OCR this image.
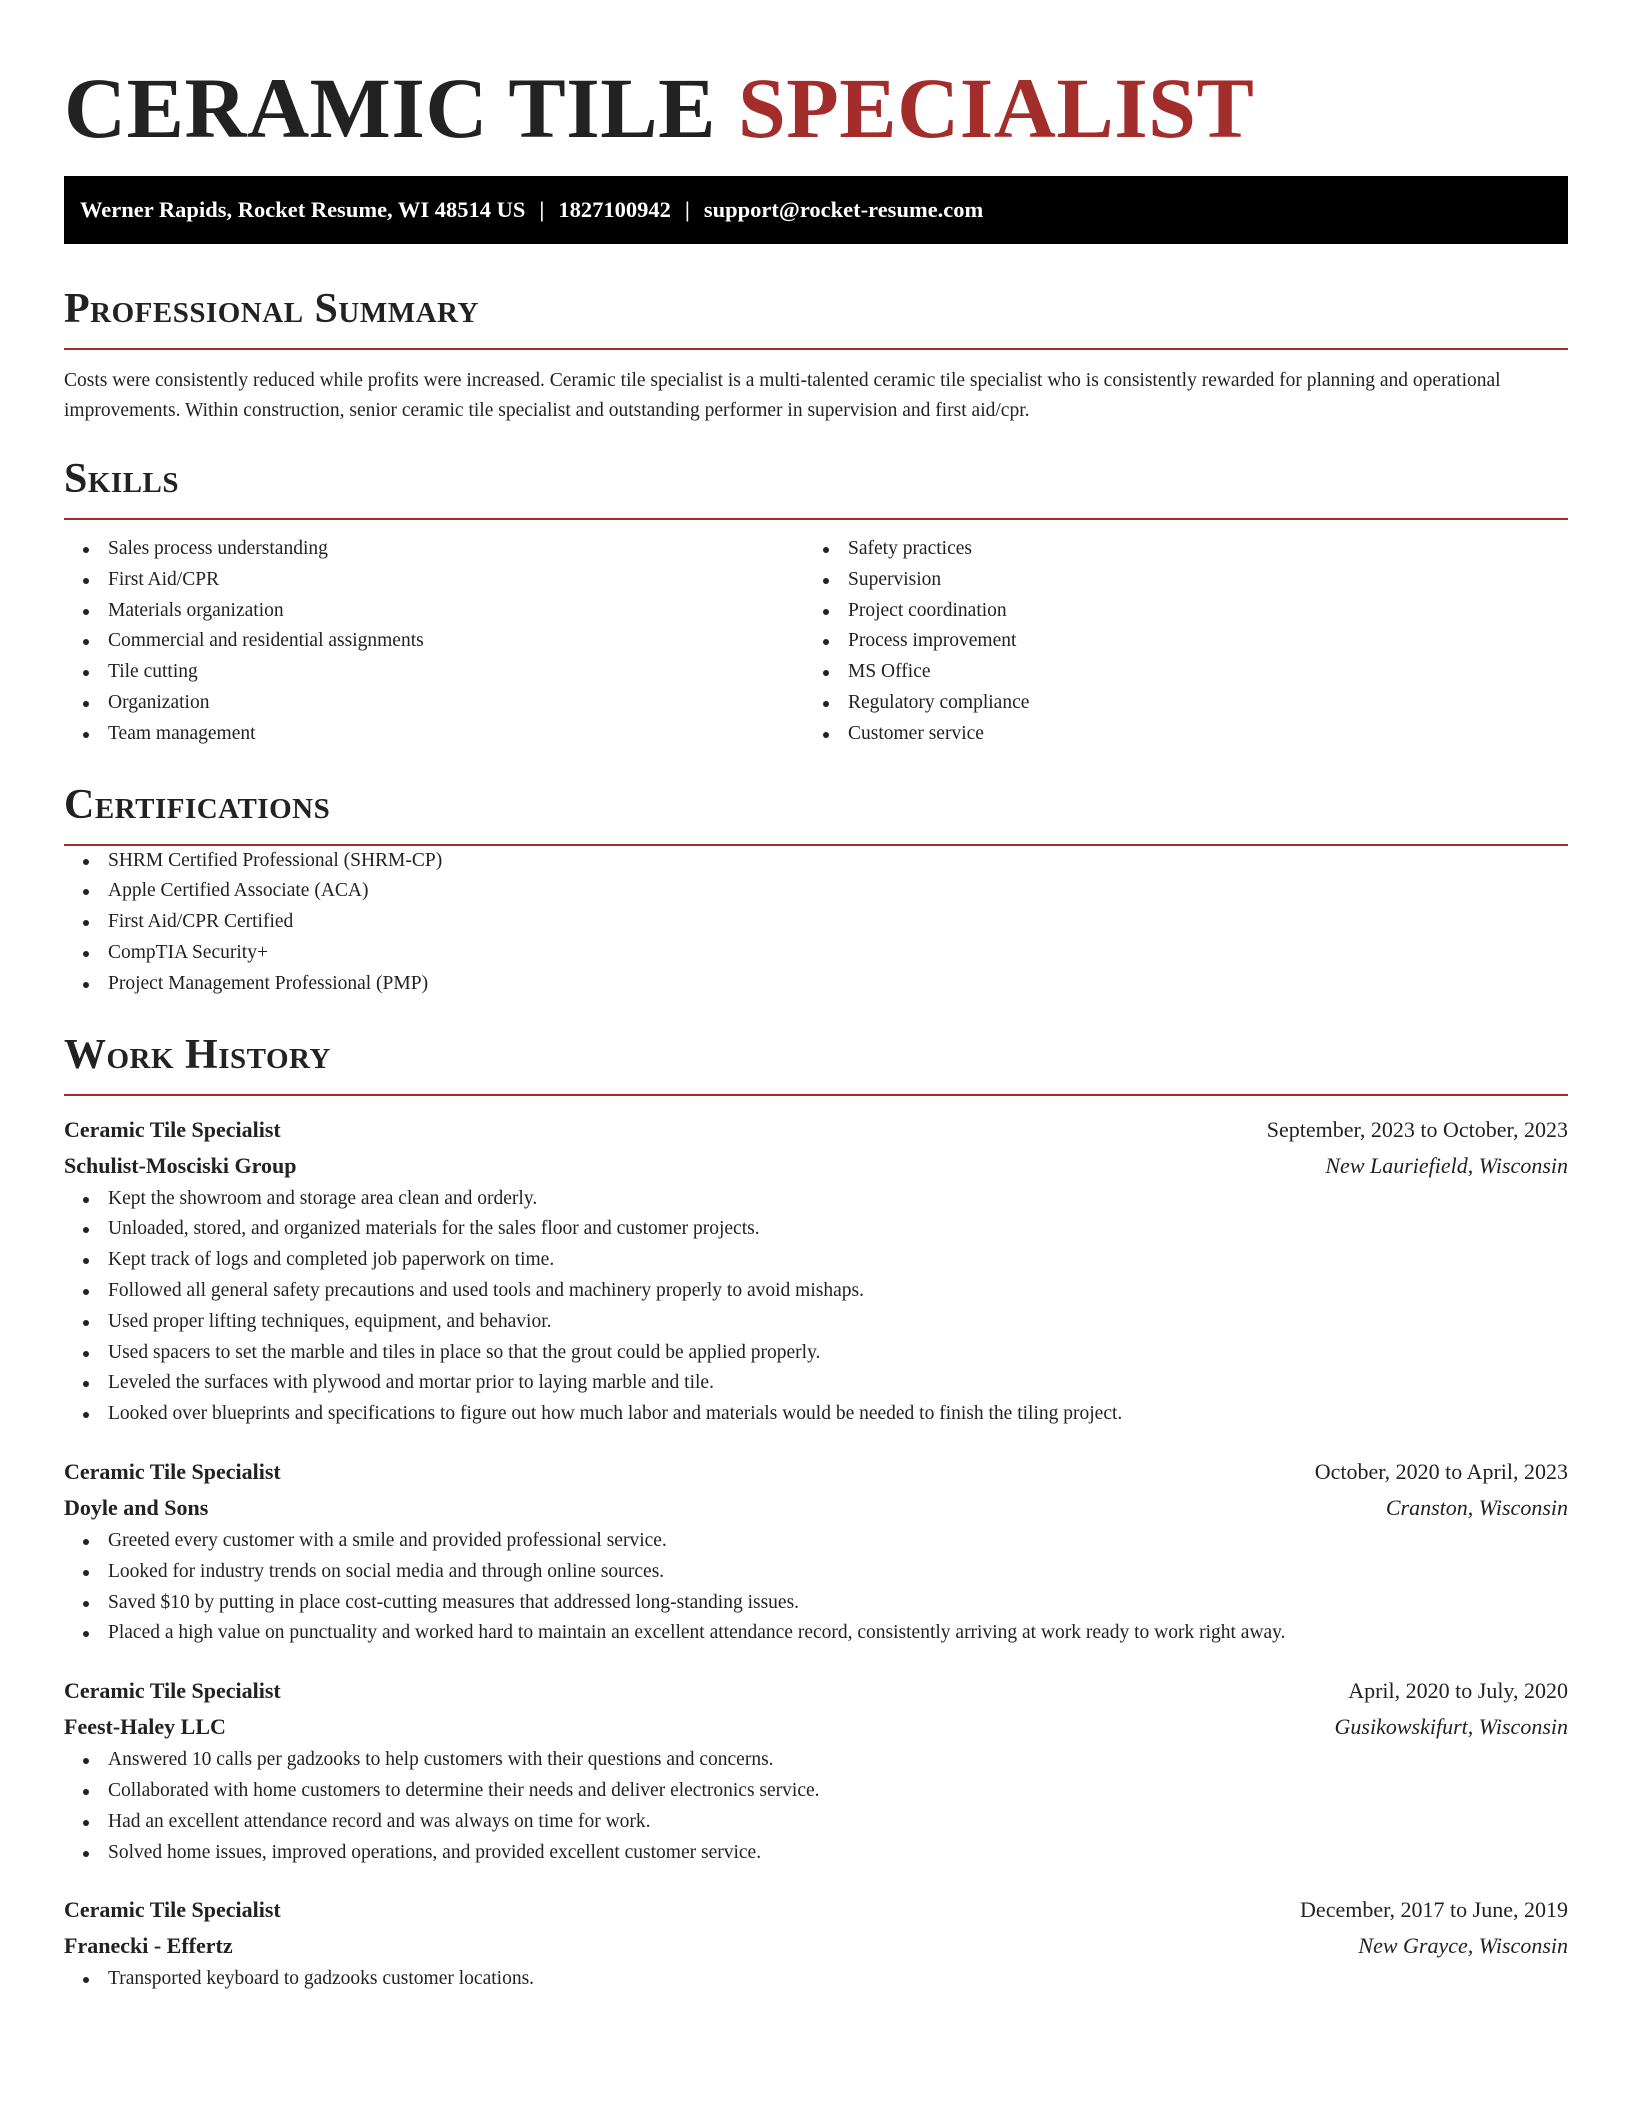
CERAMIC TILE SPECIALIST
Werner Rapids, Rocket Resume, WI 48514 US | 1827100942 | support@rocket-resume.com
Professional Summary

Costs were consistently reduced while profits were increased. Ceramic tile specialist is a multi-talented ceramic tile specialist who is consistently rewarded for planning and operational improvements. Within construction, senior ceramic tile specialist and outstanding performer in supervision and first aid/cpr.

Skills
Sales process understanding
First Aid/CPR
Materials organization
Commercial and residential assignments
Tile cutting
Organization
Team management
Safety practices
Supervision
Project coordination
Process improvement
MS Office
Regulatory compliance
Customer service
Certifications
SHRM Certified Professional (SHRM-CP)
Apple Certified Associate (ACA)
First Aid/CPR Certified
CompTIA Security+
Project Management Professional (PMP)
Work History
Ceramic Tile Specialist	September, 2023 to October, 2023
Schulist-Mosciski Group	New Lauriefield, Wisconsin
Kept the showroom and storage area clean and orderly.
Unloaded, stored, and organized materials for the sales floor and customer projects.
Kept track of logs and completed job paperwork on time.
Followed all general safety precautions and used tools and machinery properly to avoid mishaps.
Used proper lifting techniques, equipment, and behavior.
Used spacers to set the marble and tiles in place so that the grout could be applied properly.
Leveled the surfaces with plywood and mortar prior to laying marble and tile.
Looked over blueprints and specifications to figure out how much labor and materials would be needed to finish the tiling project.
Ceramic Tile Specialist	October, 2020 to April, 2023
Doyle and Sons	Cranston, Wisconsin
Greeted every customer with a smile and provided professional service.
Looked for industry trends on social media and through online sources.
Saved $10 by putting in place cost-cutting measures that addressed long-standing issues.
Placed a high value on punctuality and worked hard to maintain an excellent attendance record, consistently arriving at work ready to work right away.
Ceramic Tile Specialist	April, 2020 to July, 2020
Feest-Haley LLC	Gusikowskifurt, Wisconsin
Answered 10 calls per gadzooks to help customers with their questions and concerns.
Collaborated with home customers to determine their needs and deliver electronics service.
Had an excellent attendance record and was always on time for work.
Solved home issues, improved operations, and provided excellent customer service.
Ceramic Tile Specialist	December, 2017 to June, 2019
Franecki - Effertz	New Grayce, Wisconsin
Transported keyboard to gadzooks customer locations.
